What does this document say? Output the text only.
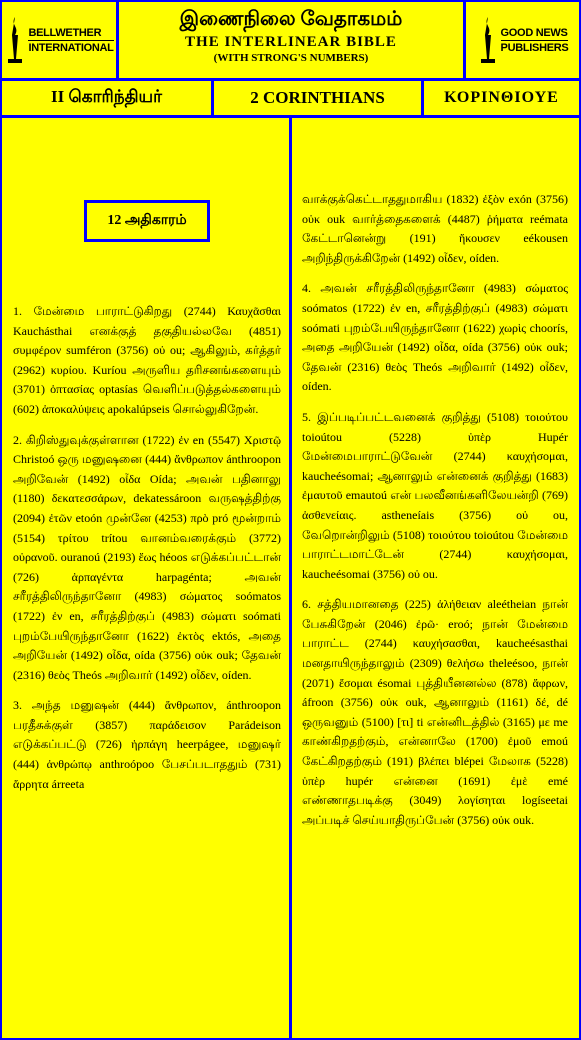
BELLWETHER
INTERNATIONAL
இணைநிலை வேதாகமம்
THE INTERLINEAR BIBLE
(WITH STRONG'S NUMBERS)
GOOD NEWS
PUBLISHERS
II கொரிந்தியர்	2 CORINTHIANS	ΚΟΡΙΝΘΙΟΥΕ
12 அதிகாரம்

1. மேன்மை பாராட்டுகிறது (2744) Καυχᾶσθαι Kauchásthai எனக்குத் தகுதியல்லவே (4851) συμφέρον sumféron (3756) οὐ ou; ஆகிலும், கர்த்தர் (2962) κυρίου. Kuríou அருளிய தரிசனங்களையும் (3701) ὀπτασίας optasías வெளிப்படுத்தல்களையும் (602) ἀποκαλύψεις apokalúpseis சொல்லுகிறேன்.

2. கிறிஸ்துவுக்குள்ளான (1722) ἐν en (5547) Χριστῷ Christoó ஒரு மனுஷனை (444) ἄνθρωπον ánthroopon அறிவேன் (1492) οἶδα Oída; அவன் பதினாலு (1180) δεκατεσσάρων, dekatessároon வருஷத்திற்கு (2094) ἐτῶν etoón முன்னே (4253) πρὸ pró மூன்றாம் (5154) τρίτου trítou வானம்வரைக்கும் (3772) οὐρανοῦ. ouranoú (2193) ἕως héoos எடுக்கப்பட்டான் (726) ἁρπαγέντα harpagénta; அவன் சரீரத்திலிருந்தானோ (4983) σώματος soómatos (1722) ἐν en, சரீரத்திற்குப் (4983) σώματι soómati புறம்பேயிருந்தானோ (1622) ἐκτὸς ektós, அதை அறியேன் (1492) οἶδα, oída (3756) οὐκ ouk; தேவன் (2316) θεὸς Theós அறிவார் (1492) οἶδεν, oíden.

3. அந்த மனுஷன் (444) ἄνθρωπον, ánthroopon பரதீசுக்குள் (3857) παράδεισον Parádeison எடுக்கப்பட்டு (726) ἡρπάγη heerpágee, மனுஷர் (444) ἀνθρώπῳ anthroópoo பேசப்படாததும் (731) ἄρρητα árreeta

வாக்குக்கெட்டாததுமாகிய (1832) ἐξὸν exón (3756) οὐκ ouk வார்த்தைகளைக் (4487) ῥήματα reémata கேட்டானென்று (191) ἤκουσεν eékousen அறிந்திருக்கிறேன் (1492) οἶδεν, oíden.

4. அவன் சரீரத்திலிருந்தானோ (4983) σώματος soómatos (1722) ἐν en, சரீரத்திற்குப் (4983) σώματι soómati புறம்பேயிருந்தானோ (1622) χωρὶς choorís, அதை அறியேன் (1492) οἶδα, oída (3756) οὐκ ouk; தேவன் (2316) θεὸς Theós அறிவார் (1492) οἶδεν, oíden.

5. இப்படிப்பட்டவனைக் குறித்து (5108) τοιούτου toioútou (5228) ὑπὲρ Hupér மேன்மைபாராட்டுவேன் (2744) καυχήσομαι, kaucheésomai; ஆனாலும் என்னைக் குறித்து (1683) ἐμαυτοῦ emautoú என் பலவீனங்களிலேயன்றி (769) ἀσθενείαις. astheneíais (3756) οὐ ou, வேறொன்றிலும் (5108) τοιούτου toioútou மேன்மை பாராட்டமாட்டேன் (2744) καυχήσομαι, kaucheésomai (3756) οὐ ou.

6. சத்தியமானதை (225) ἀλήθειαν aleétheian நான் பேசுகிறேன் (2046) ἐρῶ· eroó; நான் மேன்மை பாராட்ட (2744) καυχήσασθαι, kaucheésasthai மனதாயிருந்தாலும் (2309) θελήσω theleésoo, நான் (2071) ἔσομαι ésomai புத்தியீனனல்ல (878) ἄφρων, áfroon (3756) οὐκ ouk, ஆனாலும் (1161) δέ, dé ஒருவனும் (5100) [τι] ti என்னிடத்தில் (3165) με me காண்கிறதற்கும், என்னாலே (1700) ἐμοῦ emoú கேட்கிறதற்கும் (191) βλέπει blépei மேலாக (5228) ὑπὲρ hupér என்னை (1691) ἐμὲ emé எண்ணாதபடிக்கு (3049) λογίσηται logíseetai அப்படிச் செய்யாதிருப்பேன் (3756) οὐκ ouk.
